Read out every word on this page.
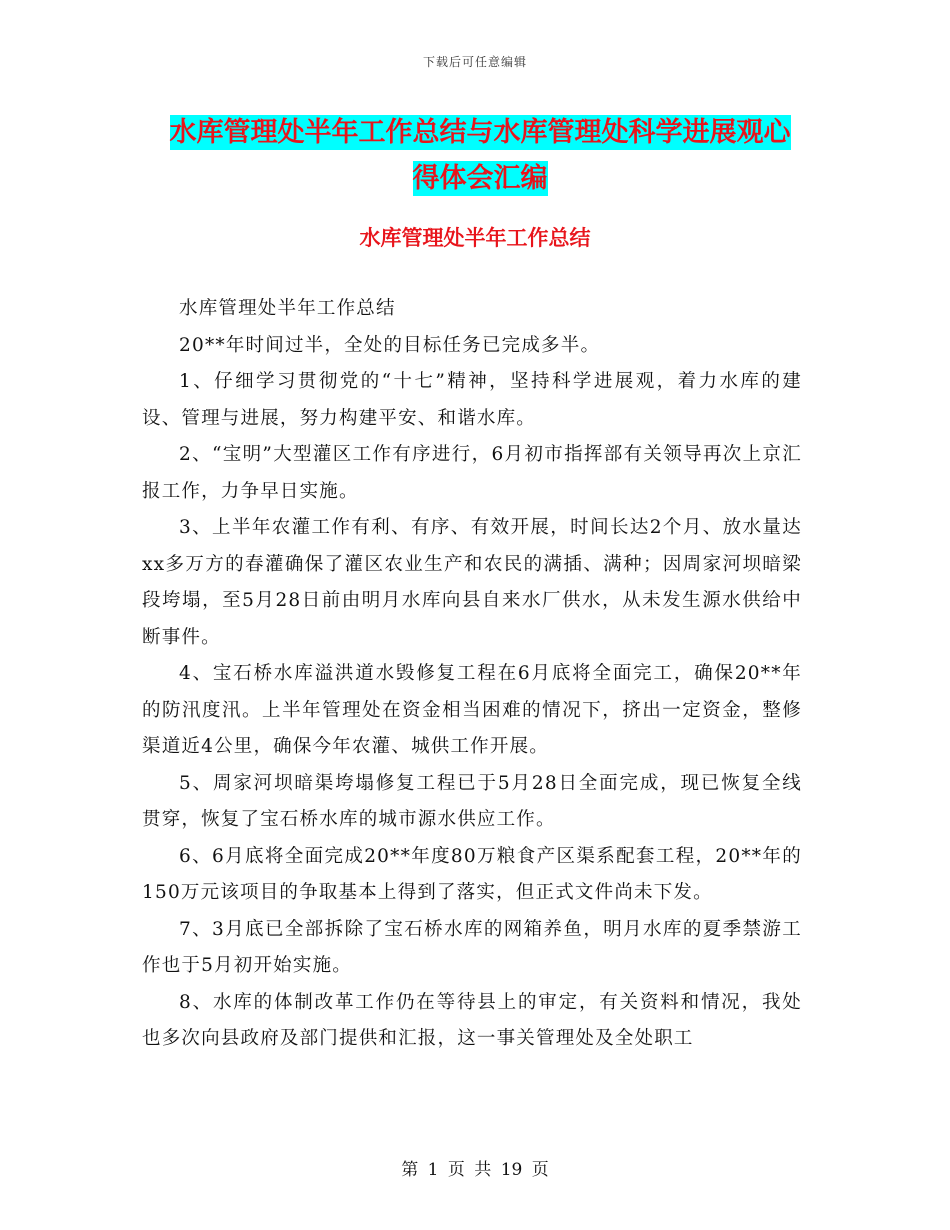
下载后可任意编辑
水库管理处半年工作总结与水库管理处科学进展观心
得体会汇编
水库管理处半年工作总结

水库管理处半年工作总结

20**年时间过半，全处的目标任务已完成多半。

1、仔细学习贯彻党的“十七”精神，坚持科学进展观，着力水库的建设、管理与进展，努力构建平安、和谐水库。

2、“宝明”大型灌区工作有序进行，6月初市指挥部有关领导再次上京汇报工作，力争早日实施。

3、上半年农灌工作有利、有序、有效开展，时间长达2个月、放水量达xx多万方的春灌确保了灌区农业生产和农民的满插、满种；因周家河坝暗梁段垮塌，至5月28日前由明月水库向县自来水厂供水，从未发生源水供给中断事件。

4、宝石桥水库溢洪道水毁修复工程在6月底将全面完工，确保20**年的防汛度汛。上半年管理处在资金相当困难的情况下，挤出一定资金，整修渠道近4公里，确保今年农灌、城供工作开展。

5、周家河坝暗渠垮塌修复工程已于5月28日全面完成，现已恢复全线贯穿，恢复了宝石桥水库的城市源水供应工作。

6、6月底将全面完成20**年度80万粮食产区渠系配套工程，20**年的150万元该项目的争取基本上得到了落实，但正式文件尚未下发。

7、3月底已全部拆除了宝石桥水库的网箱养鱼，明月水库的夏季禁游工作也于5月初开始实施。

8、水库的体制改革工作仍在等待县上的审定，有关资料和情况，我处也多次向县政府及部门提供和汇报，这一事关管理处及全处职工

第 1 页 共 19 页
